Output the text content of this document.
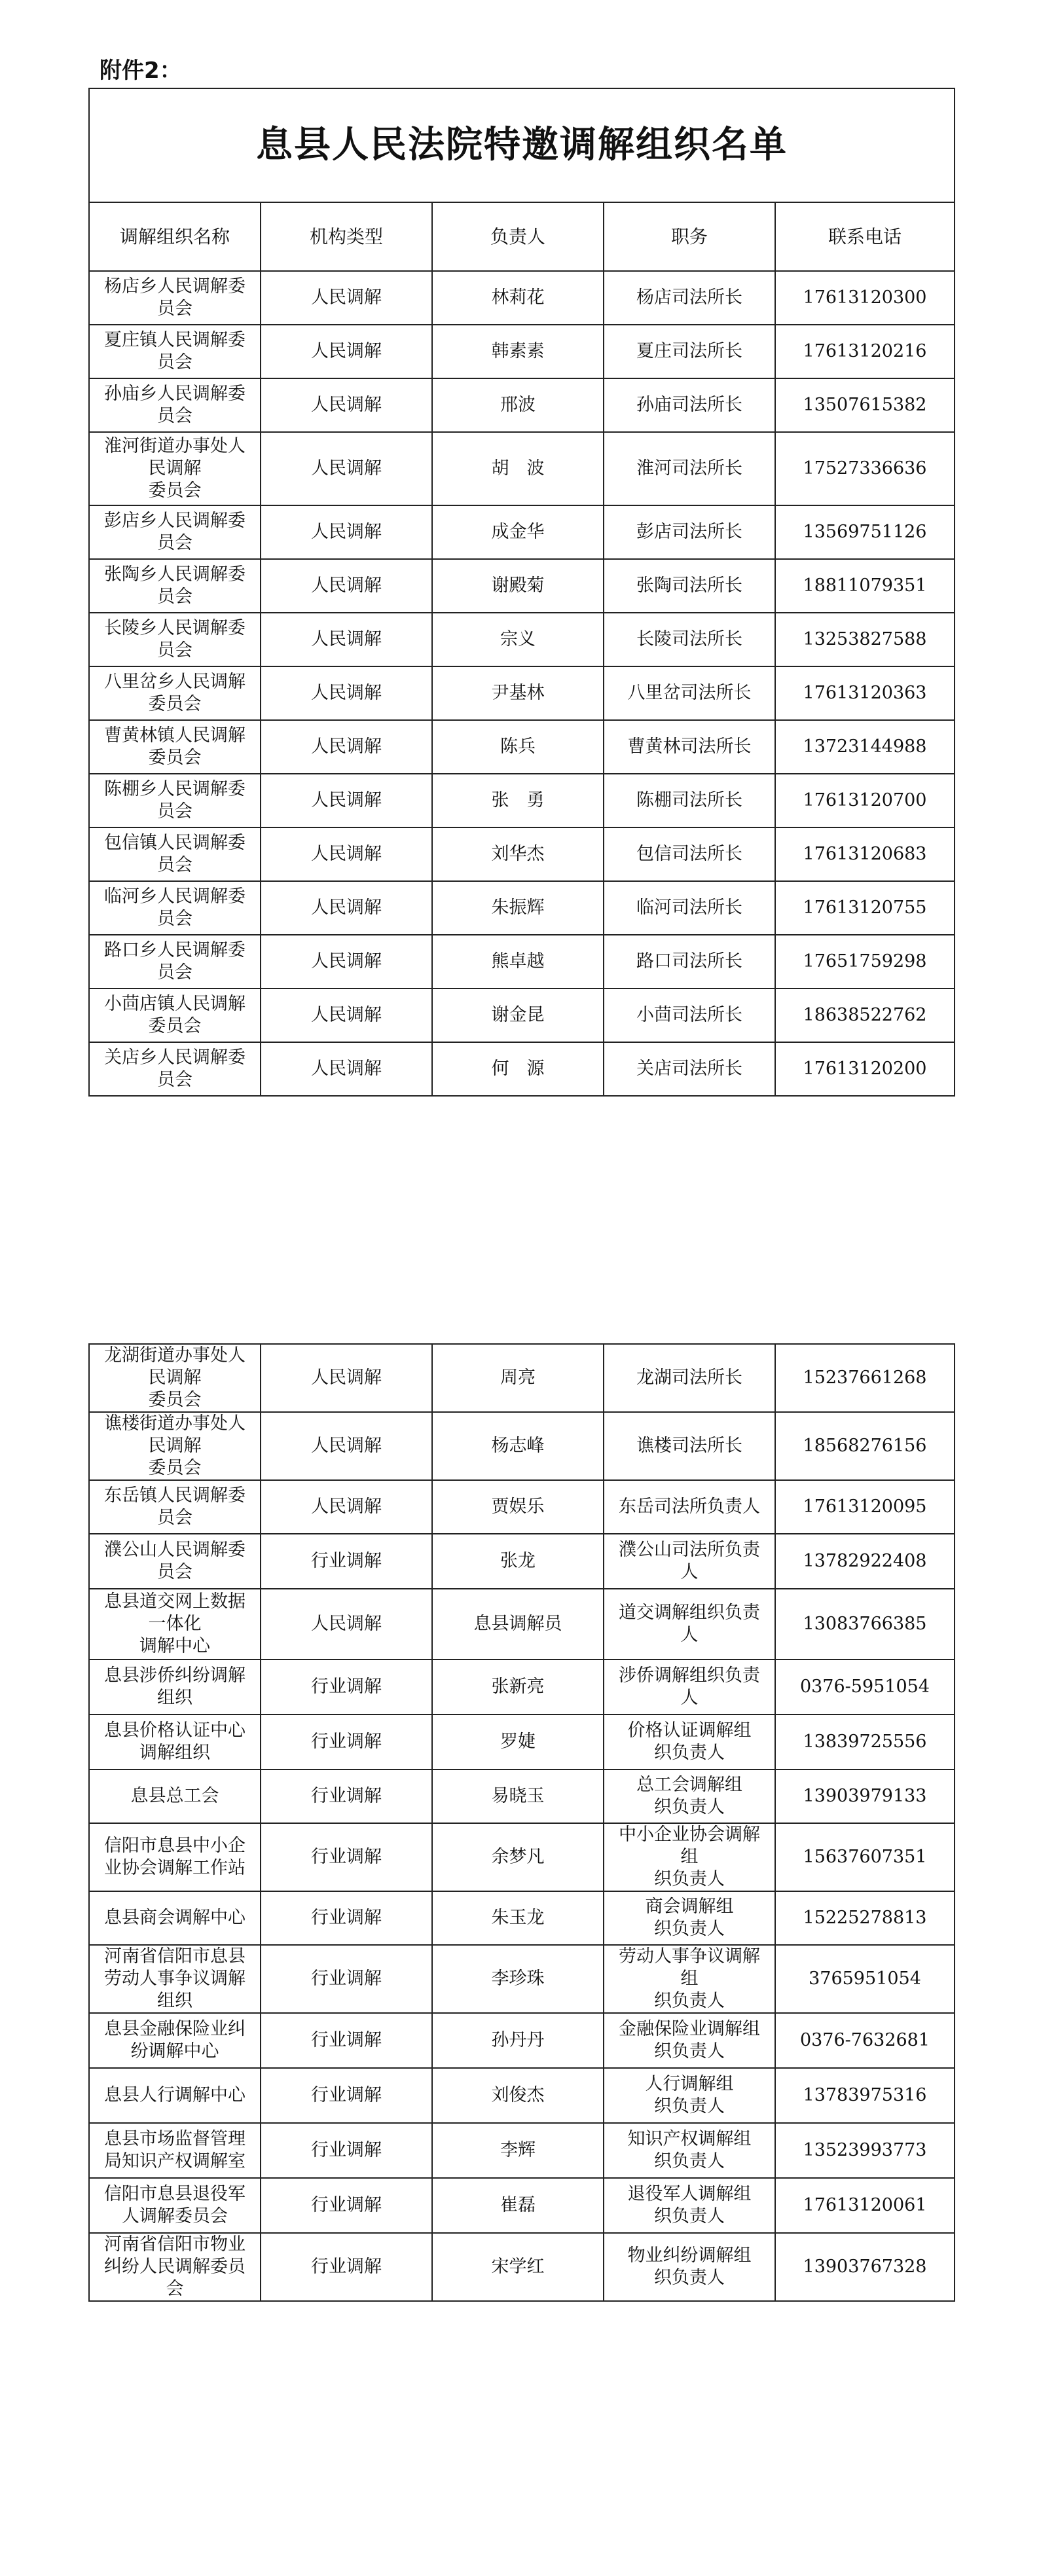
附件2：
息县人民法院特邀调解组织名单				
调解组织名称	机构类型	负责人	职务	联系电话
杨店乡人民调解委
员会	人民调解	林莉花	杨店司法所长	17613120300
夏庄镇人民调解委
员会	人民调解	韩素素	夏庄司法所长	17613120216
孙庙乡人民调解委
员会	人民调解	邢波	孙庙司法所长	13507615382
淮河街道办事处人
民调解
委员会	人民调解	胡　波	淮河司法所长	17527336636
彭店乡人民调解委
员会	人民调解	成金华	彭店司法所长	13569751126
张陶乡人民调解委
员会	人民调解	谢殿菊	张陶司法所长	18811079351
长陵乡人民调解委
员会	人民调解	宗义	长陵司法所长	13253827588
八里岔乡人民调解
委员会	人民调解	尹基林	八里岔司法所长	17613120363
曹黄林镇人民调解
委员会	人民调解	陈兵	曹黄林司法所长	13723144988
陈棚乡人民调解委
员会	人民调解	张　勇	陈棚司法所长	17613120700
包信镇人民调解委
员会	人民调解	刘华杰	包信司法所长	17613120683
临河乡人民调解委
员会	人民调解	朱振辉	临河司法所长	17613120755
路口乡人民调解委
员会	人民调解	熊卓越	路口司法所长	17651759298
小茴店镇人民调解
委员会	人民调解	谢金昆	小茴司法所长	18638522762
关店乡人民调解委
员会	人民调解	何　源	关店司法所长	17613120200
龙湖街道办事处人
民调解
委员会	人民调解	周亮	龙湖司法所长	15237661268
谯楼街道办事处人
民调解
委员会	人民调解	杨志峰	谯楼司法所长	18568276156
东岳镇人民调解委
员会	人民调解	贾娱乐	东岳司法所负责人	17613120095
濮公山人民调解委
员会	行业调解	张龙	濮公山司法所负责
人	13782922408
息县道交网上数据
一体化
调解中心	人民调解	息县调解员	道交调解组织负责
人	13083766385
息县涉侨纠纷调解
组织	行业调解	张新亮	涉侨调解组织负责
人	0376-5951054
息县价格认证中心
调解组织	行业调解	罗婕	价格认证调解组
织负责人	13839725556
息县总工会	行业调解	易晓玉	总工会调解组
织负责人	13903979133
信阳市息县中小企
业协会调解工作站	行业调解	余梦凡	中小企业协会调解
组
织负责人	15637607351
息县商会调解中心	行业调解	朱玉龙	商会调解组
织负责人	15225278813
河南省信阳市息县
劳动人事争议调解
组织	行业调解	李珍珠	劳动人事争议调解
组
织负责人	3765951054
息县金融保险业纠
纷调解中心	行业调解	孙丹丹	金融保险业调解组
织负责人	0376-7632681
息县人行调解中心	行业调解	刘俊杰	人行调解组
织负责人	13783975316
息县市场监督管理
局知识产权调解室	行业调解	李辉	知识产权调解组
织负责人	13523993773
信阳市息县退役军
人调解委员会	行业调解	崔磊	退役军人调解组
织负责人	17613120061
河南省信阳市物业
纠纷人民调解委员
会	行业调解	宋学红	物业纠纷调解组
织负责人	13903767328
